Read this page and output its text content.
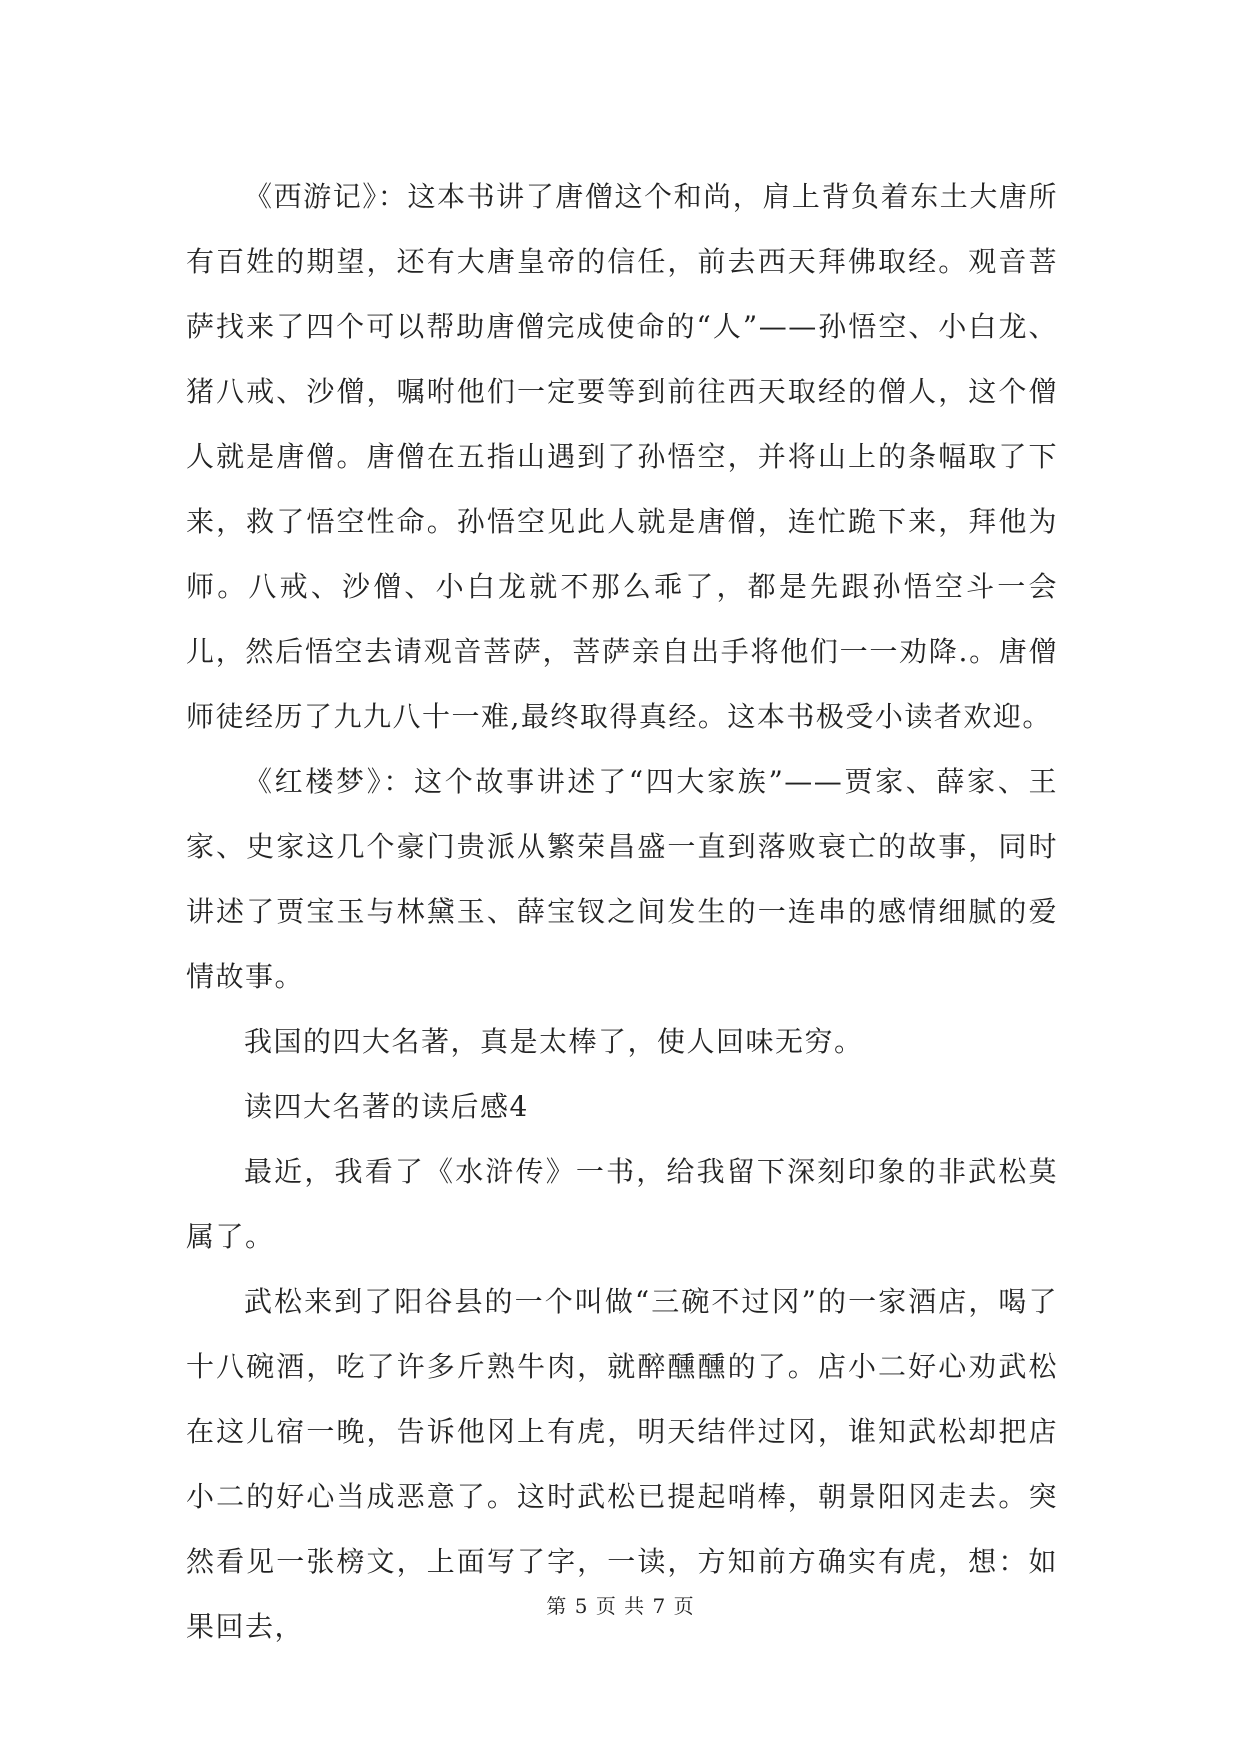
《西游记》：这本书讲了唐僧这个和尚，肩上背负着东土大唐所有百姓的期望，还有大唐皇帝的信任，前去西天拜佛取经。观音菩萨找来了四个可以帮助唐僧完成使命的“人”——孙悟空、小白龙、猪八戒、沙僧，嘱咐他们一定要等到前往西天取经的僧人，这个僧人就是唐僧。唐僧在五指山遇到了孙悟空，并将山上的条幅取了下来，救了悟空性命。孙悟空见此人就是唐僧，连忙跪下来，拜他为师。八戒、沙僧、小白龙就不那么乖了，都是先跟孙悟空斗一会儿，然后悟空去请观音菩萨，菩萨亲自出手将他们一一劝降.。唐僧师徒经历了九九八十一难,最终取得真经。这本书极受小读者欢迎。

《红楼梦》：这个故事讲述了“四大家族”——贾家、薛家、王家、史家这几个豪门贵派从繁荣昌盛一直到落败衰亡的故事，同时讲述了贾宝玉与林黛玉、薛宝钗之间发生的一连串的感情细腻的爱情故事。

我国的四大名著，真是太棒了，使人回味无穷。

读四大名著的读后感4

最近，我看了《水浒传》一书，给我留下深刻印象的非武松莫属了。

武松来到了阳谷县的一个叫做“三碗不过冈”的一家酒店，喝了十八碗酒，吃了许多斤熟牛肉，就醉醺醺的了。店小二好心劝武松在这儿宿一晚，告诉他冈上有虎，明天结伴过冈，谁知武松却把店小二的好心当成恶意了。这时武松已提起哨棒，朝景阳冈走去。突然看见一张榜文，上面写了字，一读，方知前方确实有虎，想：如果回去，

第 5 页 共 7 页
